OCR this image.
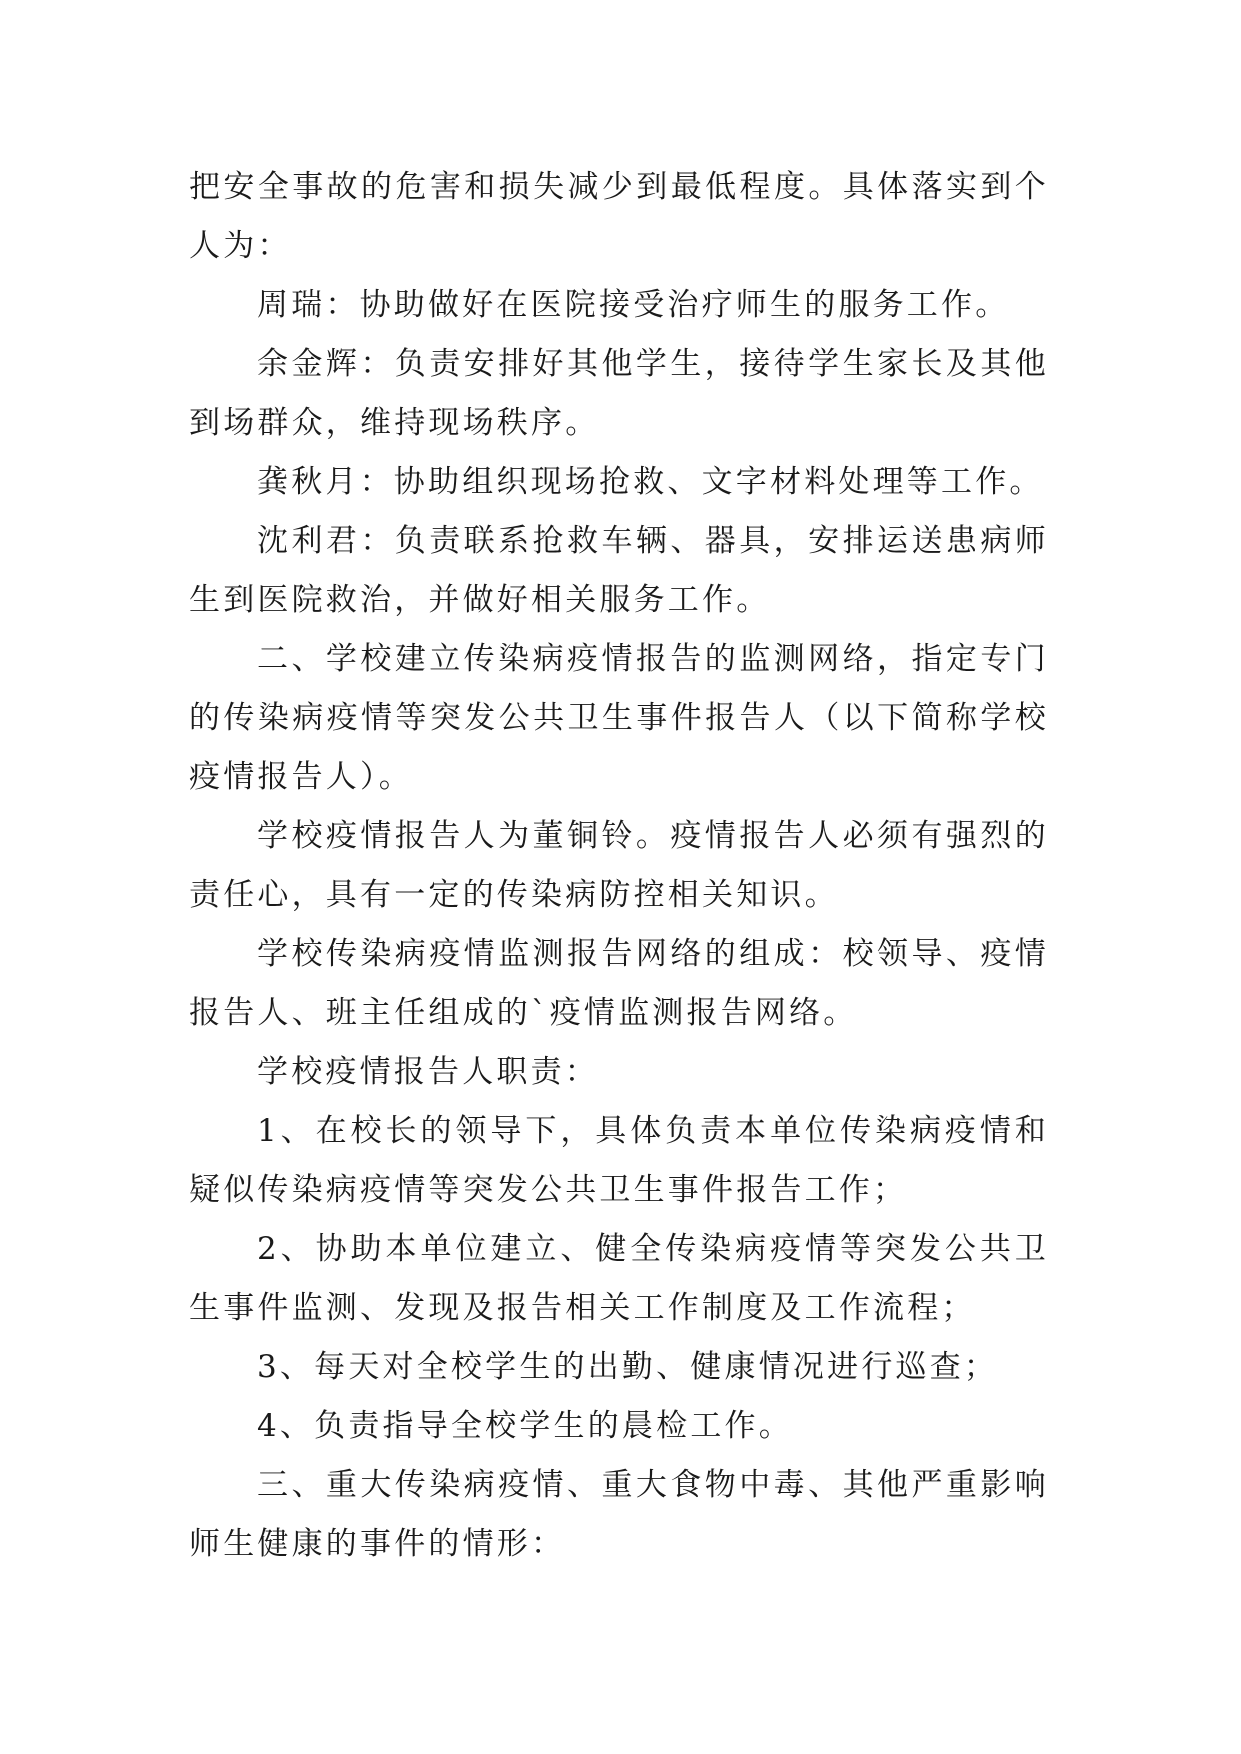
把安全事故的危害和损失减少到最低程度。具体落实到个人为：

周瑞：协助做好在医院接受治疗师生的服务工作。

余金辉：负责安排好其他学生，接待学生家长及其他到场群众，维持现场秩序。

龚秋月：协助组织现场抢救、文字材料处理等工作。

沈利君：负责联系抢救车辆、器具，安排运送患病师生到医院救治，并做好相关服务工作。

二、学校建立传染病疫情报告的监测网络，指定专门的传染病疫情等突发公共卫生事件报告人（以下简称学校疫情报告人）。

学校疫情报告人为董铜铃。疫情报告人必须有强烈的责任心，具有一定的传染病防控相关知识。

学校传染病疫情监测报告网络的组成：校领导、疫情报告人、班主任组成的`疫情监测报告网络。

学校疫情报告人职责：

1、在校长的领导下，具体负责本单位传染病疫情和疑似传染病疫情等突发公共卫生事件报告工作；

2、协助本单位建立、健全传染病疫情等突发公共卫生事件监测、发现及报告相关工作制度及工作流程；

3、每天对全校学生的出勤、健康情况进行巡查；

4、负责指导全校学生的晨检工作。

三、重大传染病疫情、重大食物中毒、其他严重影响师生健康的事件的情形：
